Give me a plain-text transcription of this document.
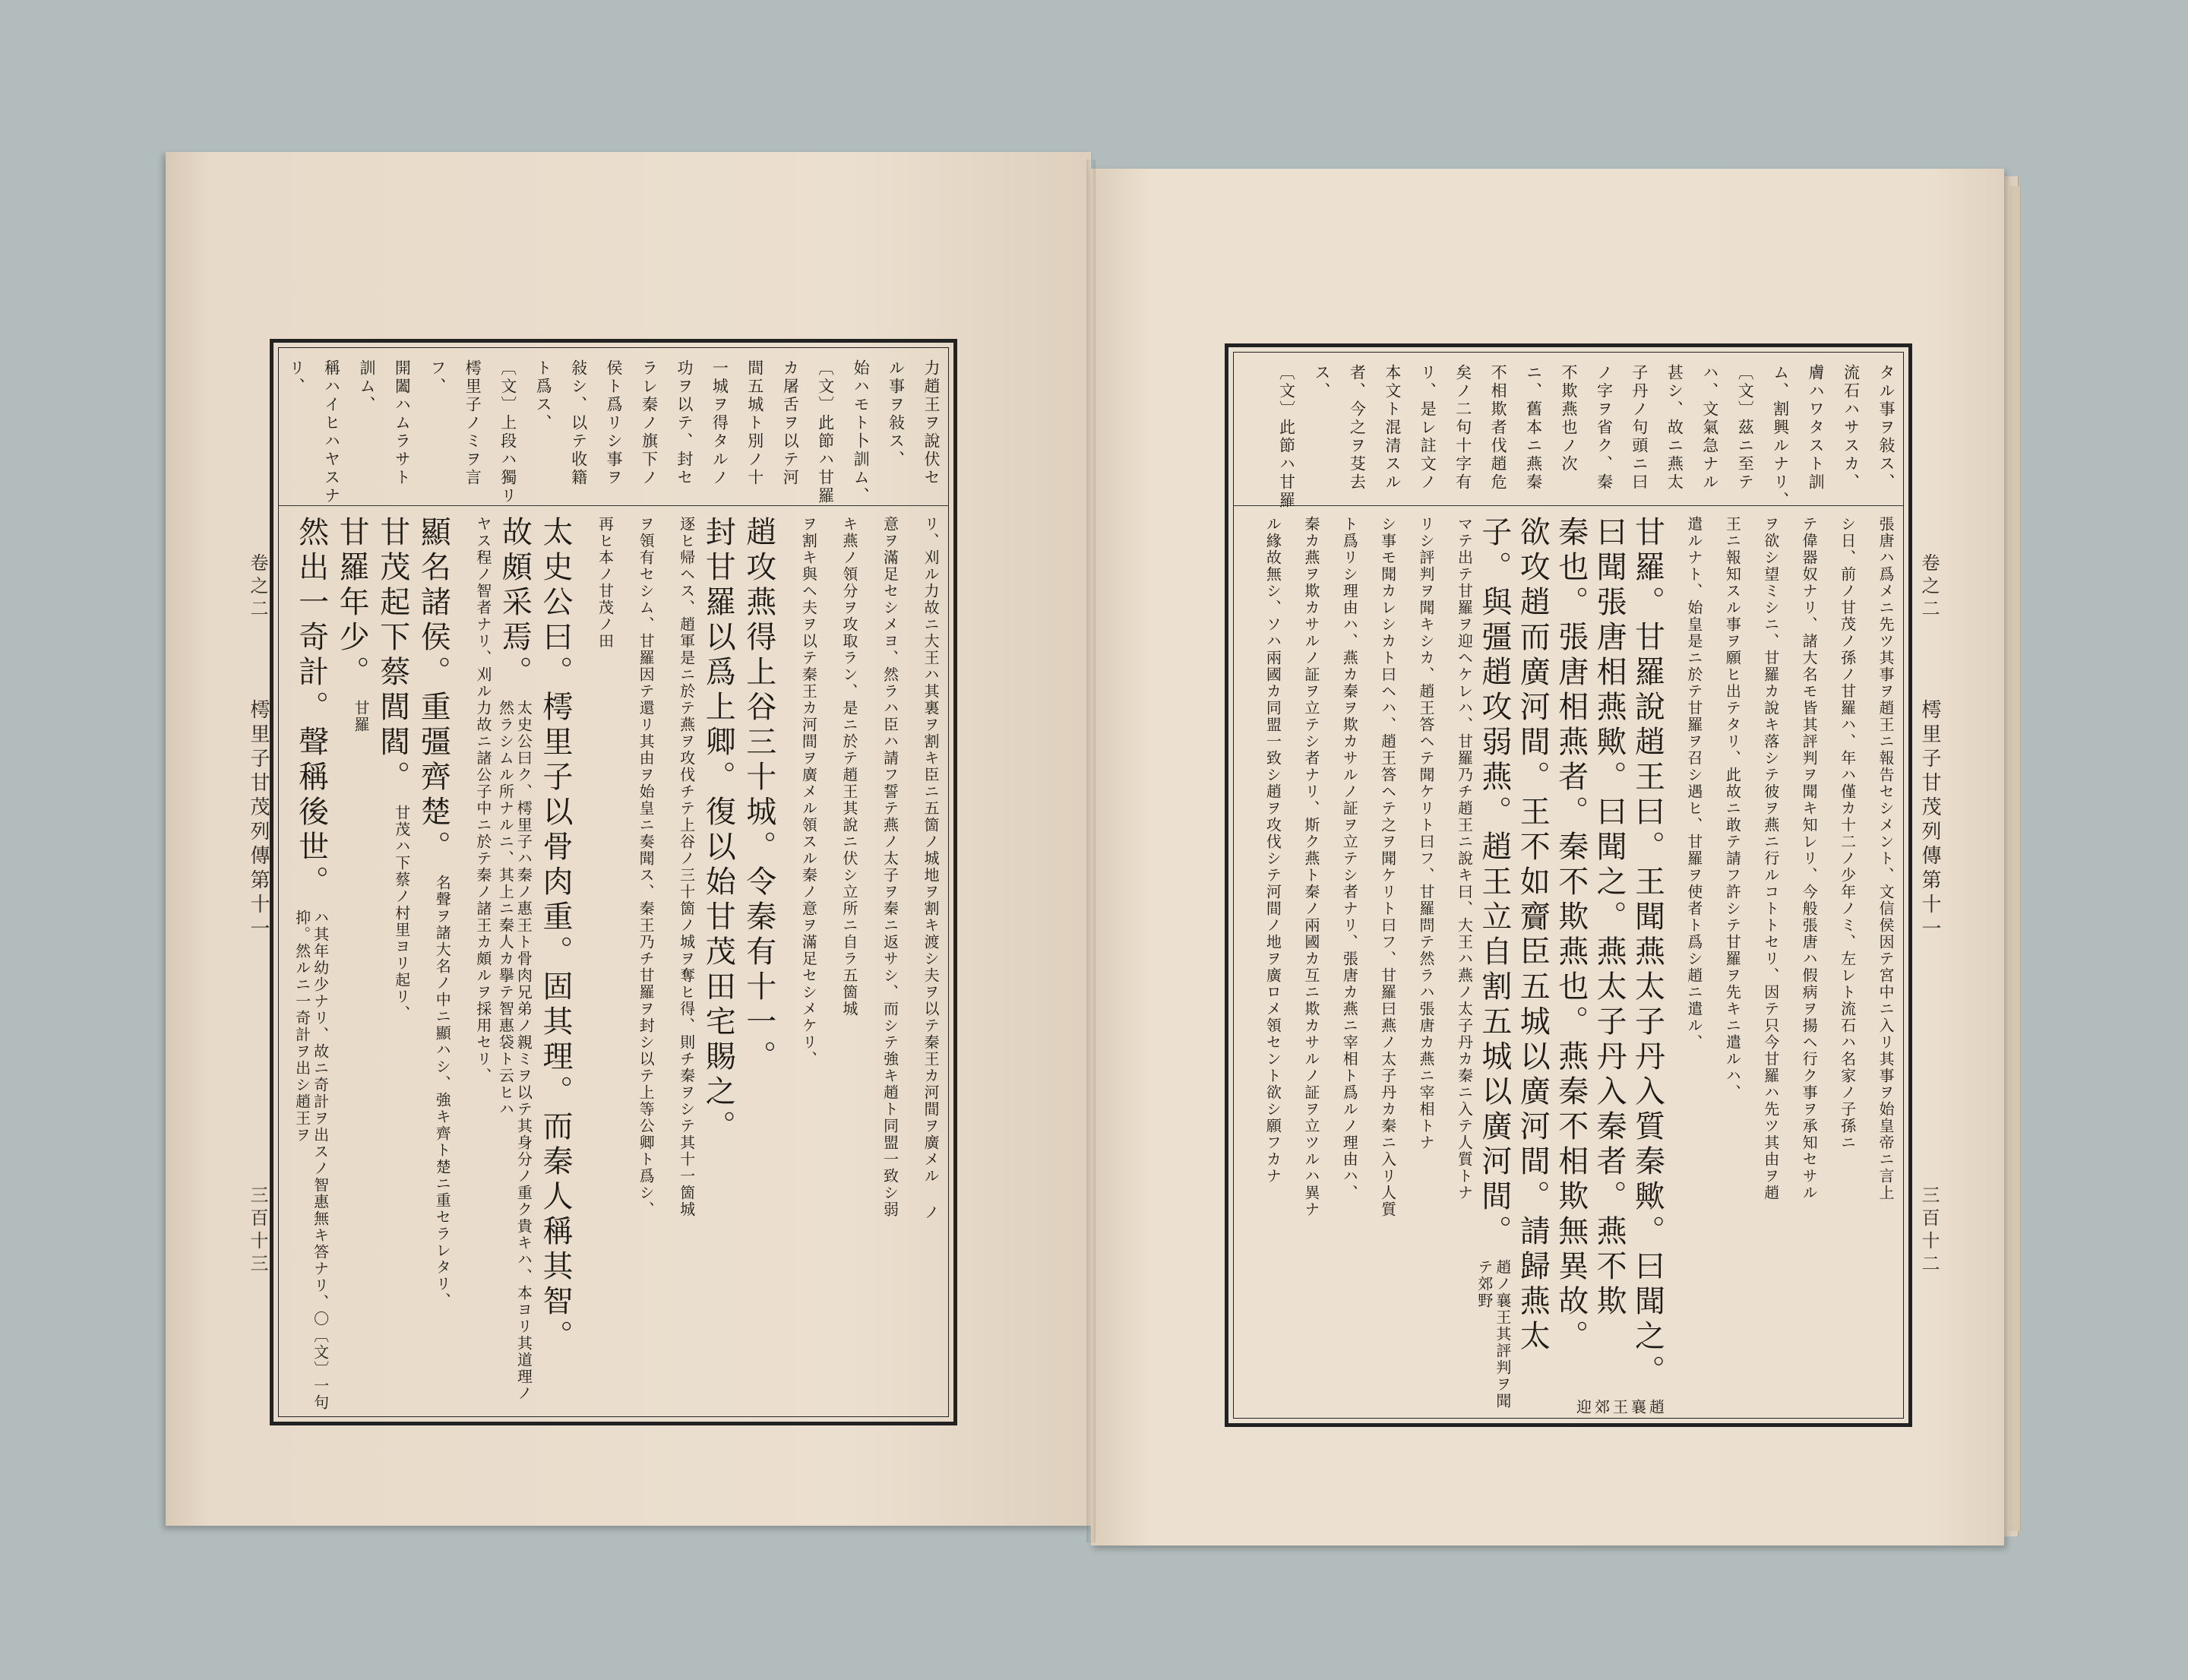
力趙王ヲ說伏セ
ル事ヲ敍ス、
始ハモト卜訓ム、
〔文〕此節ハ甘羅
カ屠舌ヲ以テ河
間五城ト別ノ十
一城ヲ得タルノ
功ヲ以テ、封セ
ラレ秦ノ旗下ノ
侯ト爲リシ事ヲ
敍シ、以テ收籍
ト爲ス、
〔文〕上段ハ獨リ
樗里子ノミヲ言
フ、
開闔ハムラサト
訓ム、
稱ハイヒハヤスナ
リ、
リ、刈ル力故ニ大王ハ其裏ヲ割キ臣ニ五箇ノ城地ヲ割キ渡シ夫ヲ以テ秦王カ河間ヲ廣メル ノ
意ヲ滿足セシメヨ、然ラハ臣ハ請フ誓テ燕ノ太子ヲ秦ニ返サシ、而シテ強キ趙ト同盟一致シ弱
キ燕ノ領分ヲ攻取ラン、是ニ於テ趙王其說ニ伏シ立所ニ自ラ五箇城
ヲ割キ與ヘ夫ヲ以テ秦王カ河間ヲ廣メル領スル秦ノ意ヲ滿足セシメケリ、
趙攻燕得上谷三十城。令秦有十一。
封甘羅以爲上卿。復以始甘茂田宅賜之。
逐ヒ帰ヘス、趙軍是ニ於テ燕ヲ攻伐チテ上谷ノ三十箇ノ城ヲ奪ヒ得、則チ秦ヲシテ其十一箇城
ヲ領有セシム、甘羅因テ還リ其由ヲ始皇ニ奏聞ス、秦王乃チ甘羅ヲ封シ以テ上等公卿ト爲シ、
再ヒ本ノ甘茂ノ田
太史公曰。樗里子以骨肉重。固其理。而秦人稱其智。
故頗采焉。
太史公曰ク、樗里子ハ秦ノ惠王ト骨肉兄弟ノ親ミヲ以テ其身分ノ重ク貴キハ、本ヨリ其道理ノ然ラシムル所ナルニ、其上ニ秦人カ擧テ智惠袋ト云ヒハ
ヤス程ノ智者ナリ、刈ル力故ニ諸公子中ニ於テ秦ノ諸王カ頗ルヲ採用セリ、
顯名諸侯。重彊齊楚。
名聲ヲ諸大名ノ中ニ顯ハシ、強キ齊ト楚ニ重セラレタリ、
甘茂起下蔡閭閻。
甘茂ハ下蔡ノ村里ヨリ起リ、
甘羅年少。
甘羅
然出一奇計。聲稱後世。
ハ其年幼少ナリ、故ニ奇計ヲ出スノ智惠無キ答ナリ、〇〔文〕一句抑。然ルニ一奇計ヲ出シ趙王ヲ
タル事ヲ敍ス、
流石ハサスカ、
膚ハワタスト訓
ム、割興ルナリ、
〔文〕茲ニ至テ
ハ、文氣急ナル
甚シ、故ニ燕太
子丹ノ句頭ニ曰
ノ字ヲ省ク、秦
不欺燕也ノ次
ニ、舊本ニ燕秦
不相欺者伐趙危
矣ノ二句十字有
リ、是レ註文ノ
本文ト混清スル
者、今之ヲ芟去
ス、
〔文〕此節ハ甘羅
張唐ハ爲メニ先ツ其事ヲ趙王ニ報告セシメント、文信侯因テ宮中ニ入リ其事ヲ始皇帝ニ言上
シ日、前ノ甘茂ノ孫ノ甘羅ハ、年ハ僅カ十二ノ少年ノミ、左レト流石ハ名家ノ子孫ニ
テ偉器奴ナリ、諸大名モ皆其評判ヲ聞キ知レリ、今般張唐ハ假病ヲ揚ヘ行ク事ヲ承知セサル
ヲ欲シ望ミシニ、甘羅カ說キ落シテ彼ヲ燕ニ行ルコトトセリ、因テ只今甘羅ハ先ツ其由ヲ趙
王ニ報知スル事ヲ願ヒ出テタリ、此故ニ敢テ請フ許シテ甘羅ヲ先キニ遣ルハ、
遣ルナト、始皇是ニ於テ甘羅ヲ召シ遇ヒ、甘羅ヲ使者ト爲シ趙ニ遣ル、
甘羅。甘羅說趙王曰。王聞燕太子丹入質秦歟。曰聞之。
趙襄王郊迎
曰聞張唐相燕歟。曰聞之。燕太子丹入秦者。燕不欺
秦也。張唐相燕者。秦不欺燕也。燕秦不相欺無異故。
欲攻趙而廣河間。王不如齎臣五城以廣河間。請歸燕太
子。與彊趙攻弱燕。趙王立自割五城以廣河間。
趙ノ襄王其評判ヲ聞テ郊野
マテ出テ甘羅ヲ迎ヘケレハ、甘羅乃チ趙王ニ說キ曰、大王ハ燕ノ太子丹カ秦ニ入テ人質トナ
リシ評判ヲ聞キシカ、趙王答ヘテ聞ケリト曰フ、甘羅問テ然ラハ張唐カ燕ニ宰相トナ
シ事モ聞カレシカト曰ヘハ、趙王答ヘテ之ヲ聞ケリト曰フ、甘羅曰燕ノ太子丹カ秦ニ入リ人質
ト爲リシ理由ハ、燕カ秦ヲ欺カサルノ証ヲ立テシ者ナリ、張唐カ燕ニ宰相ト爲ルノ理由ハ、
秦カ燕ヲ欺カサルノ証ヲ立テシ者ナリ、斯ク燕ト秦ノ兩國カ互ニ欺カサルノ証ヲ立ツルハ異ナ
ル緣故無シ、ソハ兩國カ同盟一致シ趙ヲ攻伐シテ河間ノ地ヲ廣ロメ領セント欲シ願フカナ
卷之二
樗里子甘茂列傳第十一
三百十三
卷之二
樗里子甘茂列傳第十一
三百十二
